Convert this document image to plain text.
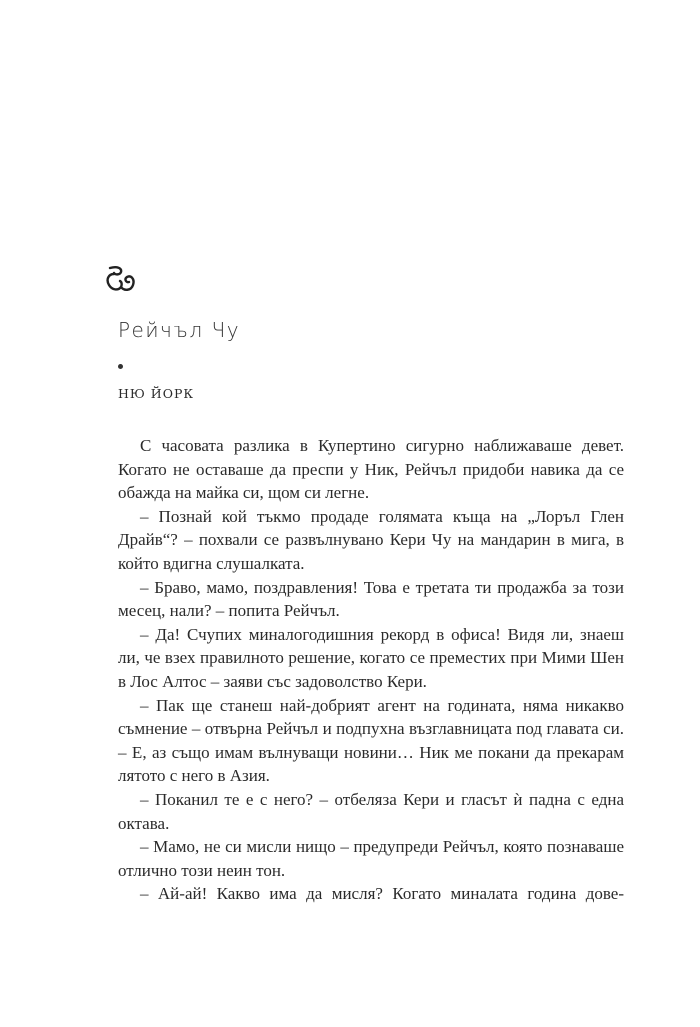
Рейчъл Чу
НЮ ЙОРК

С часовата разлика в Купертино сигурно наближаваше девет. Когато не оставаше да преспи у Ник, Рейчъл придоби навика да се обажда на майка си, щом си легне.

– Познай кой тъкмо продаде голямата къща на „Лоръл Глен Драйв“? – похвали се развълнувано Кери Чу на мандарин в мига, в който вдигна слушалката.

– Браво, мамо, поздравления! Това е третата ти продажба за този месец, нали? – попита Рейчъл.

– Да! Счупих миналогодишния рекорд в офиса! Видя ли, знаеш ли, че взех правилното решение, когато се преместих при Мими Шен в Лос Алтос – заяви със задоволство Кери.

– Пак ще станеш най-добрият агент на годината, няма никакво съмнение – отвърна Рейчъл и подпухна възглавницата под главата си. – Е, аз също имам вълнуващи новини… Ник ме покани да прекарам лятото с него в Азия.

– Поканил те е с него? – отбеляза Кери и гласът ѝ падна с една октава.

– Мамо, не си мисли нищо – предупреди Рейчъл, която познаваше отлично този неин тон.

– Ай-ай! Какво има да мисля? Когато миналата година дове-
